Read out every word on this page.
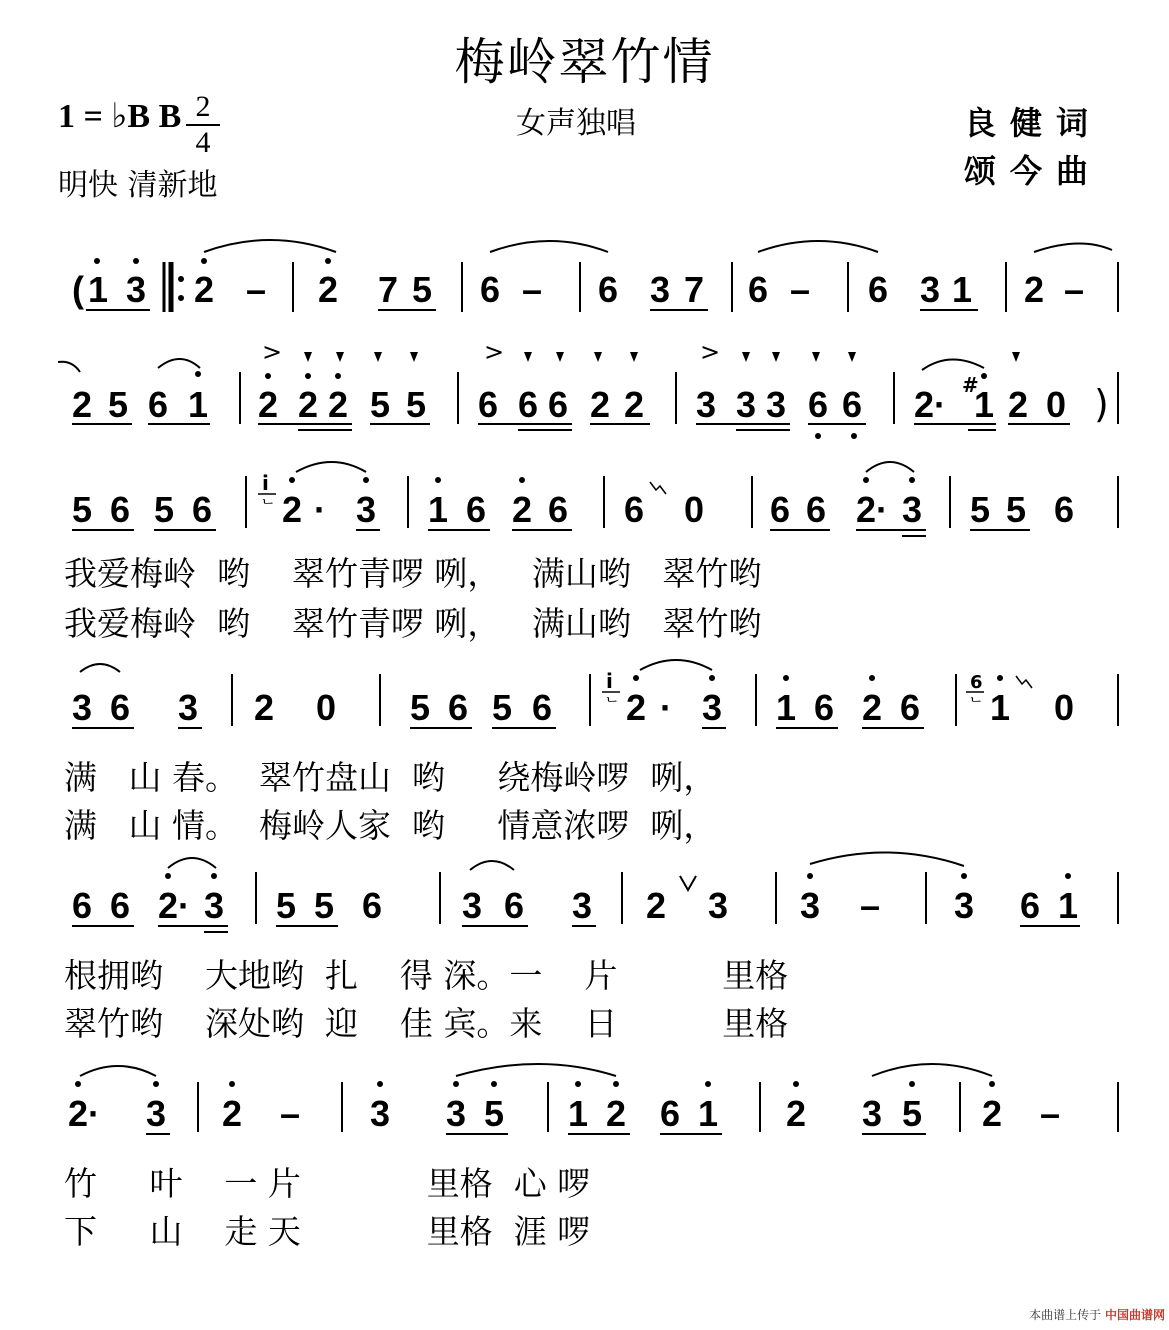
梅岭翠竹情
1 = ♭B B 2
4
女声独唱	良健词
颂今曲
明快 清新地
( 1 3 2 – 2 7 5 6 – 6 3 7 6 – 6 3 1 2 –
2 5 6 1
>
2 2 2 5 5
>
6 6 6 2 2
>
3 3 3 6 6 2· #
1 2 0 )
5 6 5 6
i
ᄂ 2 · 3 1 6 2 6 6 0 6 6 2· 3 5 5 6
3 6 3 2 0 5 6 5 6
i
ᄂ 2 · 3 1 6 2 6
6
ᄂ 1 0
6 6 2· 3 5 5 6 3 6 3 2 3 3 – 3 6 1
2· 3 2 – 3 3 5 1 2 6 1 2 3 5 2 –
我爱梅岭  哟    翠竹青啰 咧，   满山哟   翠竹哟
我爱梅岭  哟    翠竹青啰 咧，   满山哟   翠竹哟
满   山 春。  翠竹盘山  哟     绕梅岭啰  咧，
满   山 情。  梅岭人家  哟     情意浓啰  咧，
根拥哟    大地哟  扎    得 深。一    片          里格
翠竹哟    深处哟  迎    佳 宾。来    日          里格
竹     叶    一 片            里格  心 啰
下     山    走 天            里格  涯 啰
本曲谱上传于 中国曲谱网
